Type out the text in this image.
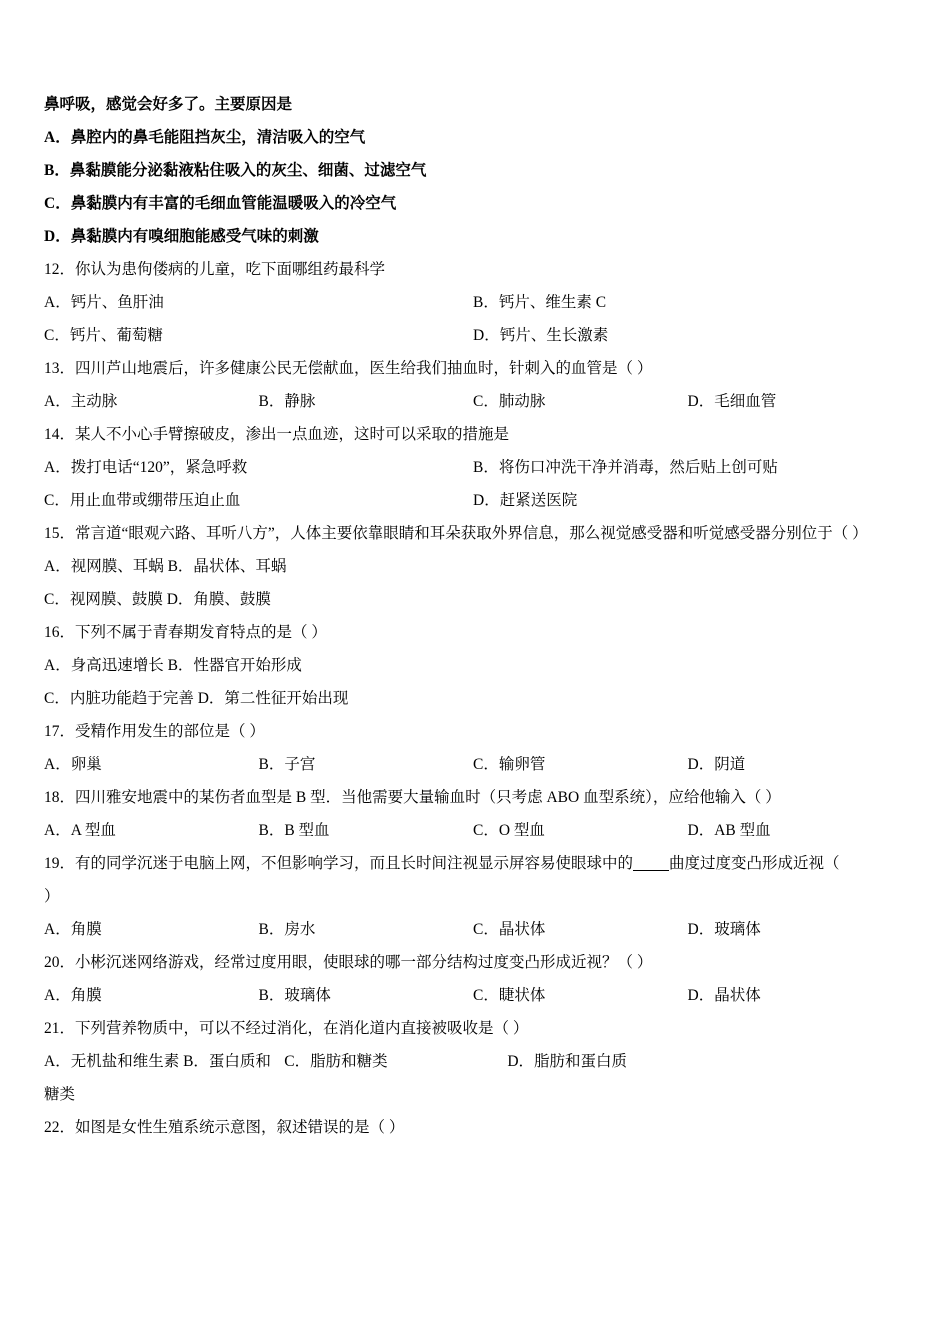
鼻呼吸，感觉会好多了。主要原因是
A．鼻腔内的鼻毛能阻挡灰尘，清洁吸入的空气
B．鼻黏膜能分泌黏液粘住吸入的灰尘、细菌、过滤空气
C．鼻黏膜内有丰富的毛细血管能温暖吸入的冷空气
D．鼻黏膜内有嗅细胞能感受气味的刺激
12．你认为患佝偻病的儿童，吃下面哪组药最科学
A．钙片、鱼肝油	B．钙片、维生素 C
C．钙片、葡萄糖	D．钙片、生长激素
13．四川芦山地震后，许多健康公民无偿献血，医生给我们抽血时，针刺入的血管是（ ）
A．主动脉	B．静脉	C．肺动脉	D．毛细血管
14．某人不小心手臂擦破皮，渗出一点血迹，这时可以采取的措施是
A．拨打电话“120”，紧急呼救	B．将伤口冲洗干净并消毒，然后贴上创可贴
C．用止血带或绷带压迫止血	D．赶紧送医院
15．常言道“眼观六路、耳听八方”，人体主要依靠眼睛和耳朵获取外界信息，那么视觉感受器和听觉感受器分别位于（ ）
A．视网膜、耳蜗 B．晶状体、耳蜗
C．视网膜、鼓膜 D．角膜、鼓膜
16．下列不属于青春期发育特点的是（ ）
A．身高迅速增长 B．性器官开始形成
C．内脏功能趋于完善 D．第二性征开始出现
17．受精作用发生的部位是（ ）
A．卵巢	B．子宫	C．输卵管	D．阴道
18．四川雅安地震中的某伤者血型是 B 型．当他需要大量输血时（只考虑 ABO 血型系统），应给他输入（ ）
A．A 型血	B．B 型血	C．O 型血	D．AB 型血
19．有的同学沉迷于电脑上网，不但影响学习，而且长时间注视显示屏容易使眼球中的 曲度过度变凸形成近视（
）
A．角膜	B．房水	C．晶状体	D．玻璃体
20．小彬沉迷网络游戏，经常过度用眼，使眼球的哪一部分结构过度变凸形成近视？（ ）
A．角膜	B．玻璃体	C．睫状体	D．晶状体
21．下列营养物质中，可以不经过消化，在消化道内直接被吸收是（ ）
A．无机盐和维生素 B．蛋白质和糖类
C．脂肪和糖类	D．脂肪和蛋白质
22．如图是女性生殖系统示意图，叙述错误的是（ ）
